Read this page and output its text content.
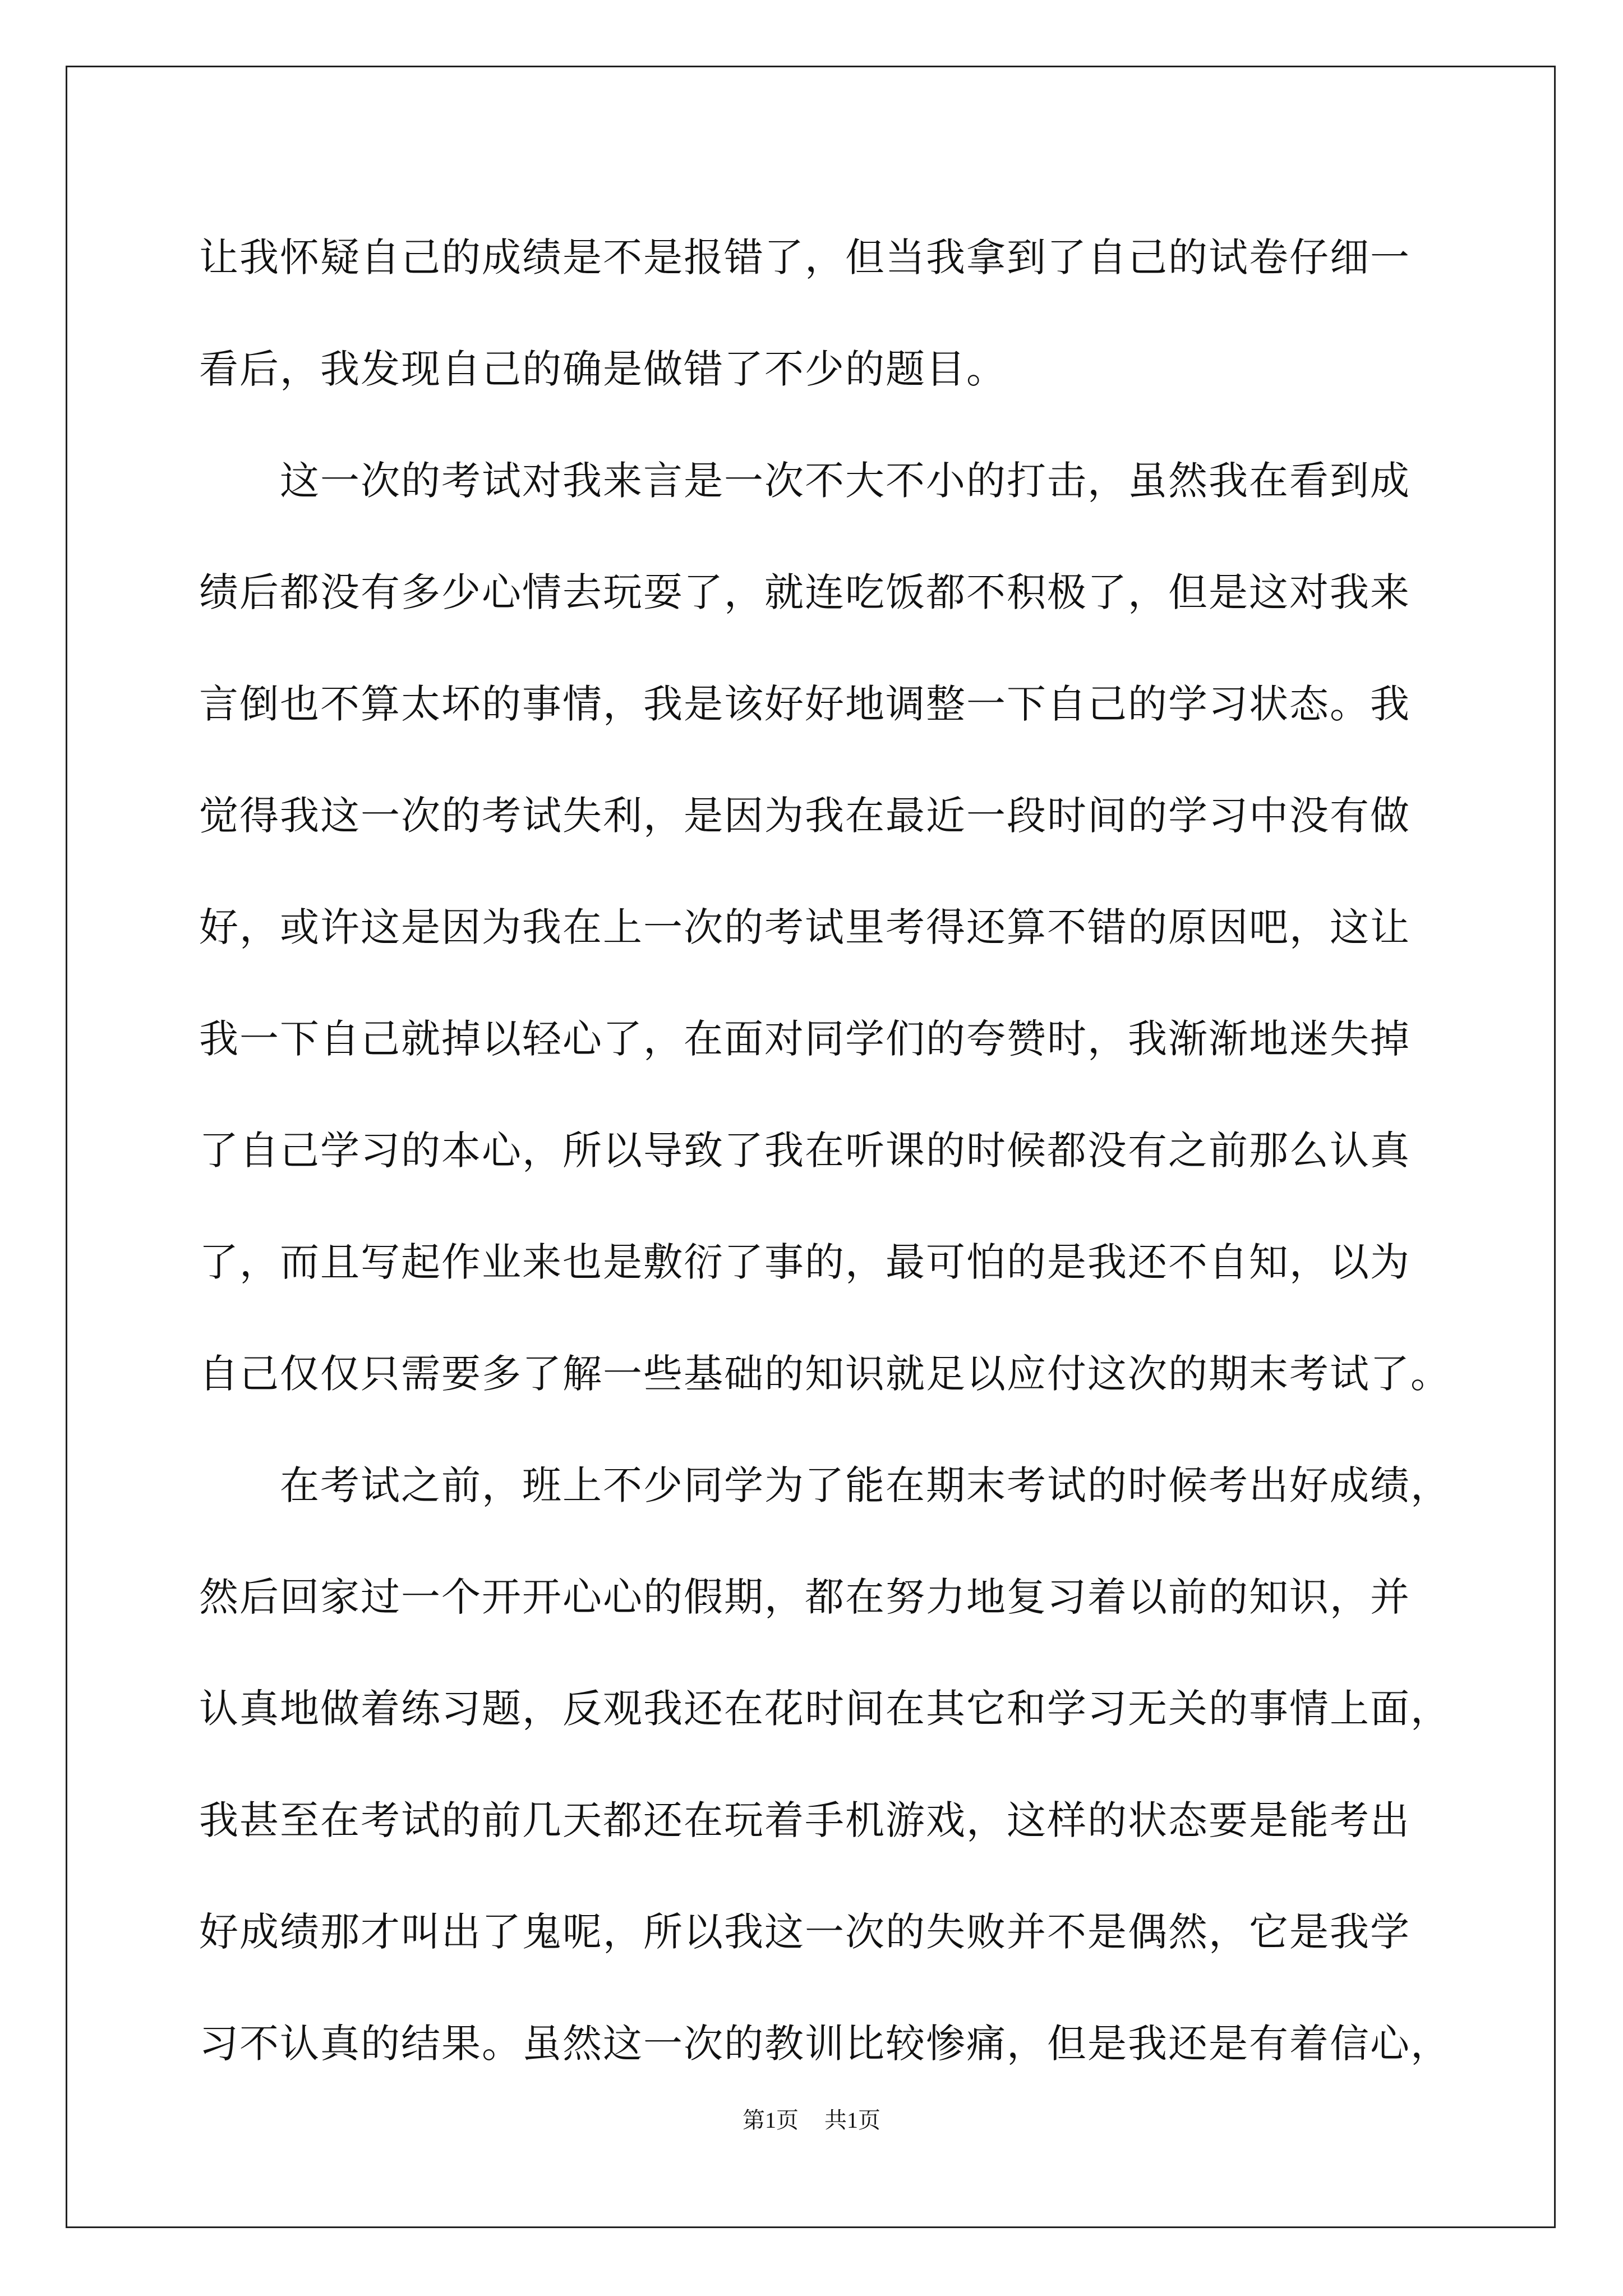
让我怀疑自己的成绩是不是报错了，但当我拿到了自己的试卷仔细一
看后，我发现自己的确是做错了不少的题目。
　　这一次的考试对我来言是一次不大不小的打击，虽然我在看到成
绩后都没有多少心情去玩耍了，就连吃饭都不积极了，但是这对我来
言倒也不算太坏的事情，我是该好好地调整一下自己的学习状态。我
觉得我这一次的考试失利，是因为我在最近一段时间的学习中没有做
好，或许这是因为我在上一次的考试里考得还算不错的原因吧，这让
我一下自己就掉以轻心了，在面对同学们的夸赞时，我渐渐地迷失掉
了自己学习的本心，所以导致了我在听课的时候都没有之前那么认真
了，而且写起作业来也是敷衍了事的，最可怕的是我还不自知，以为
自己仅仅只需要多了解一些基础的知识就足以应付这次的期末考试了。
　　在考试之前，班上不少同学为了能在期末考试的时候考出好成绩，
然后回家过一个开开心心的假期，都在努力地复习着以前的知识，并
认真地做着练习题，反观我还在花时间在其它和学习无关的事情上面，
我甚至在考试的前几天都还在玩着手机游戏，这样的状态要是能考出
好成绩那才叫出了鬼呢，所以我这一次的失败并不是偶然，它是我学
习不认真的结果。虽然这一次的教训比较惨痛，但是我还是有着信心，
第1页 共1页
